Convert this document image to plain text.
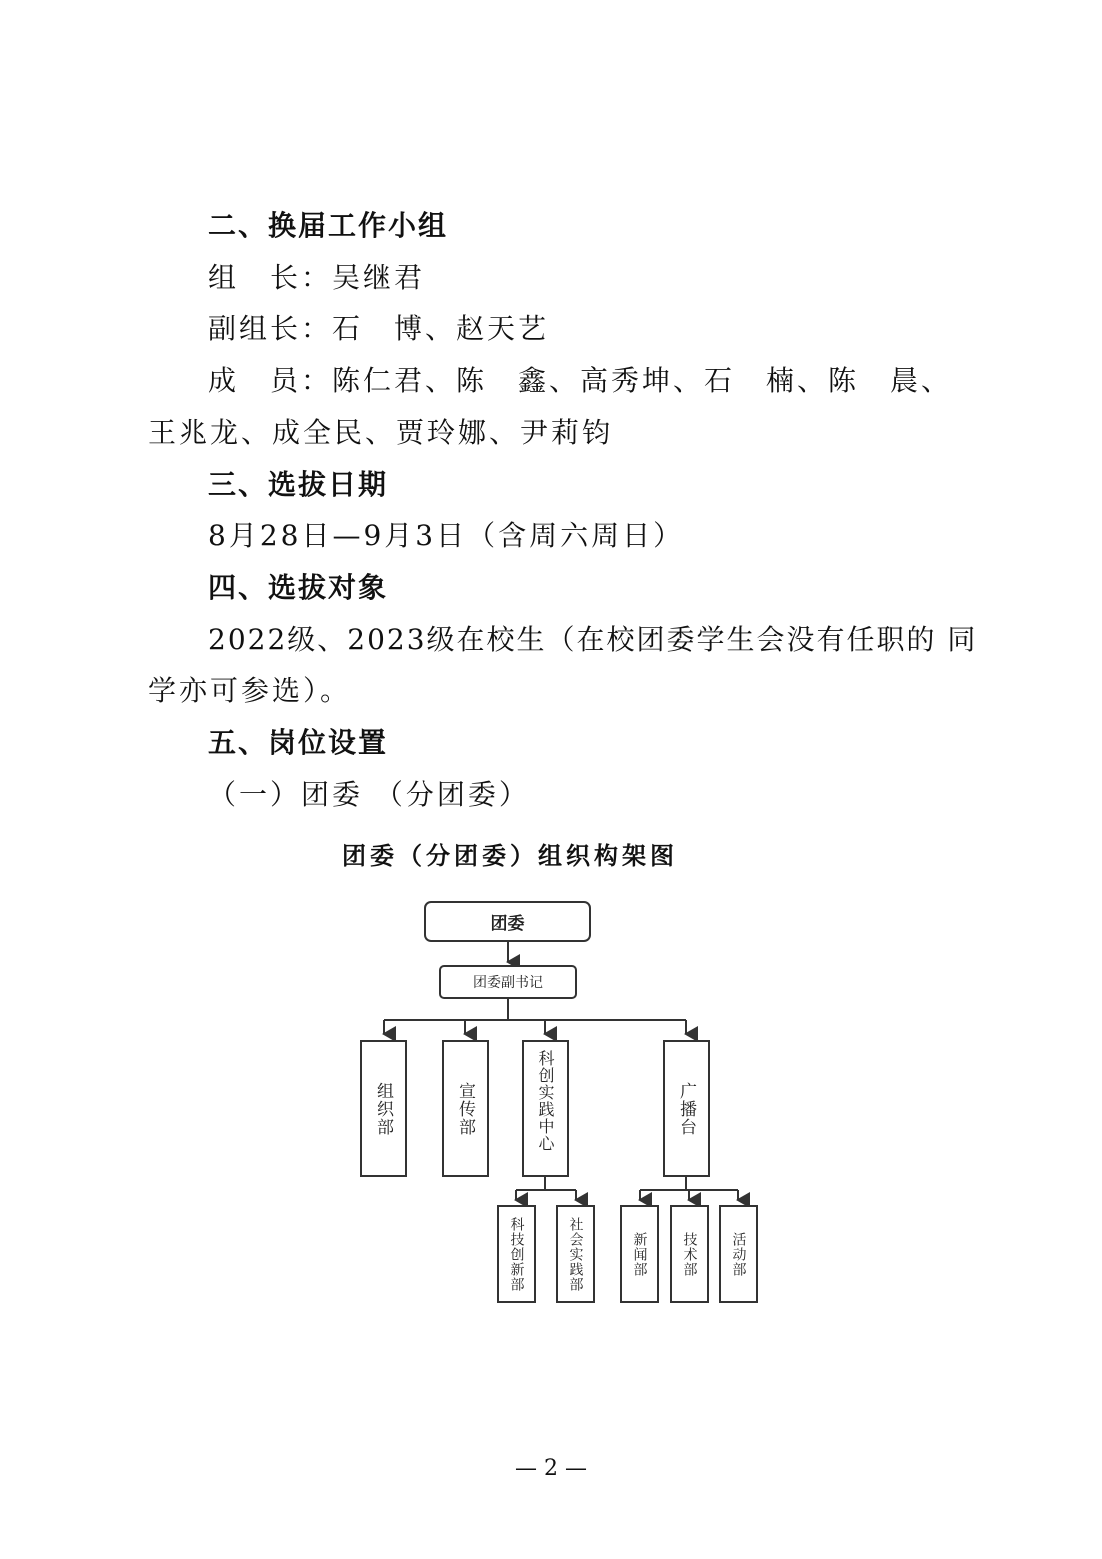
二、换届工作小组
组　长：吴继君
副组长：石　博、赵天艺
成　员：陈仁君、陈　鑫、高秀坤、石　楠、陈　晨、
王兆龙、成全民、贾玲娜、尹莉钧
三、选拔日期
8月28日—9月3日（含周六周日）
四、选拔对象
2022级、2023级在校生（在校团委学生会没有任职的 同
学亦可参选）。
五、岗位设置
（一）团委 （分团委）
团委（分团委）组织构架图
团委
团委副书记
组织部	宣传部	科创实践中心	广播台
科技创新部	社会实践部	新闻部 技术部 活动部
— 2 —
